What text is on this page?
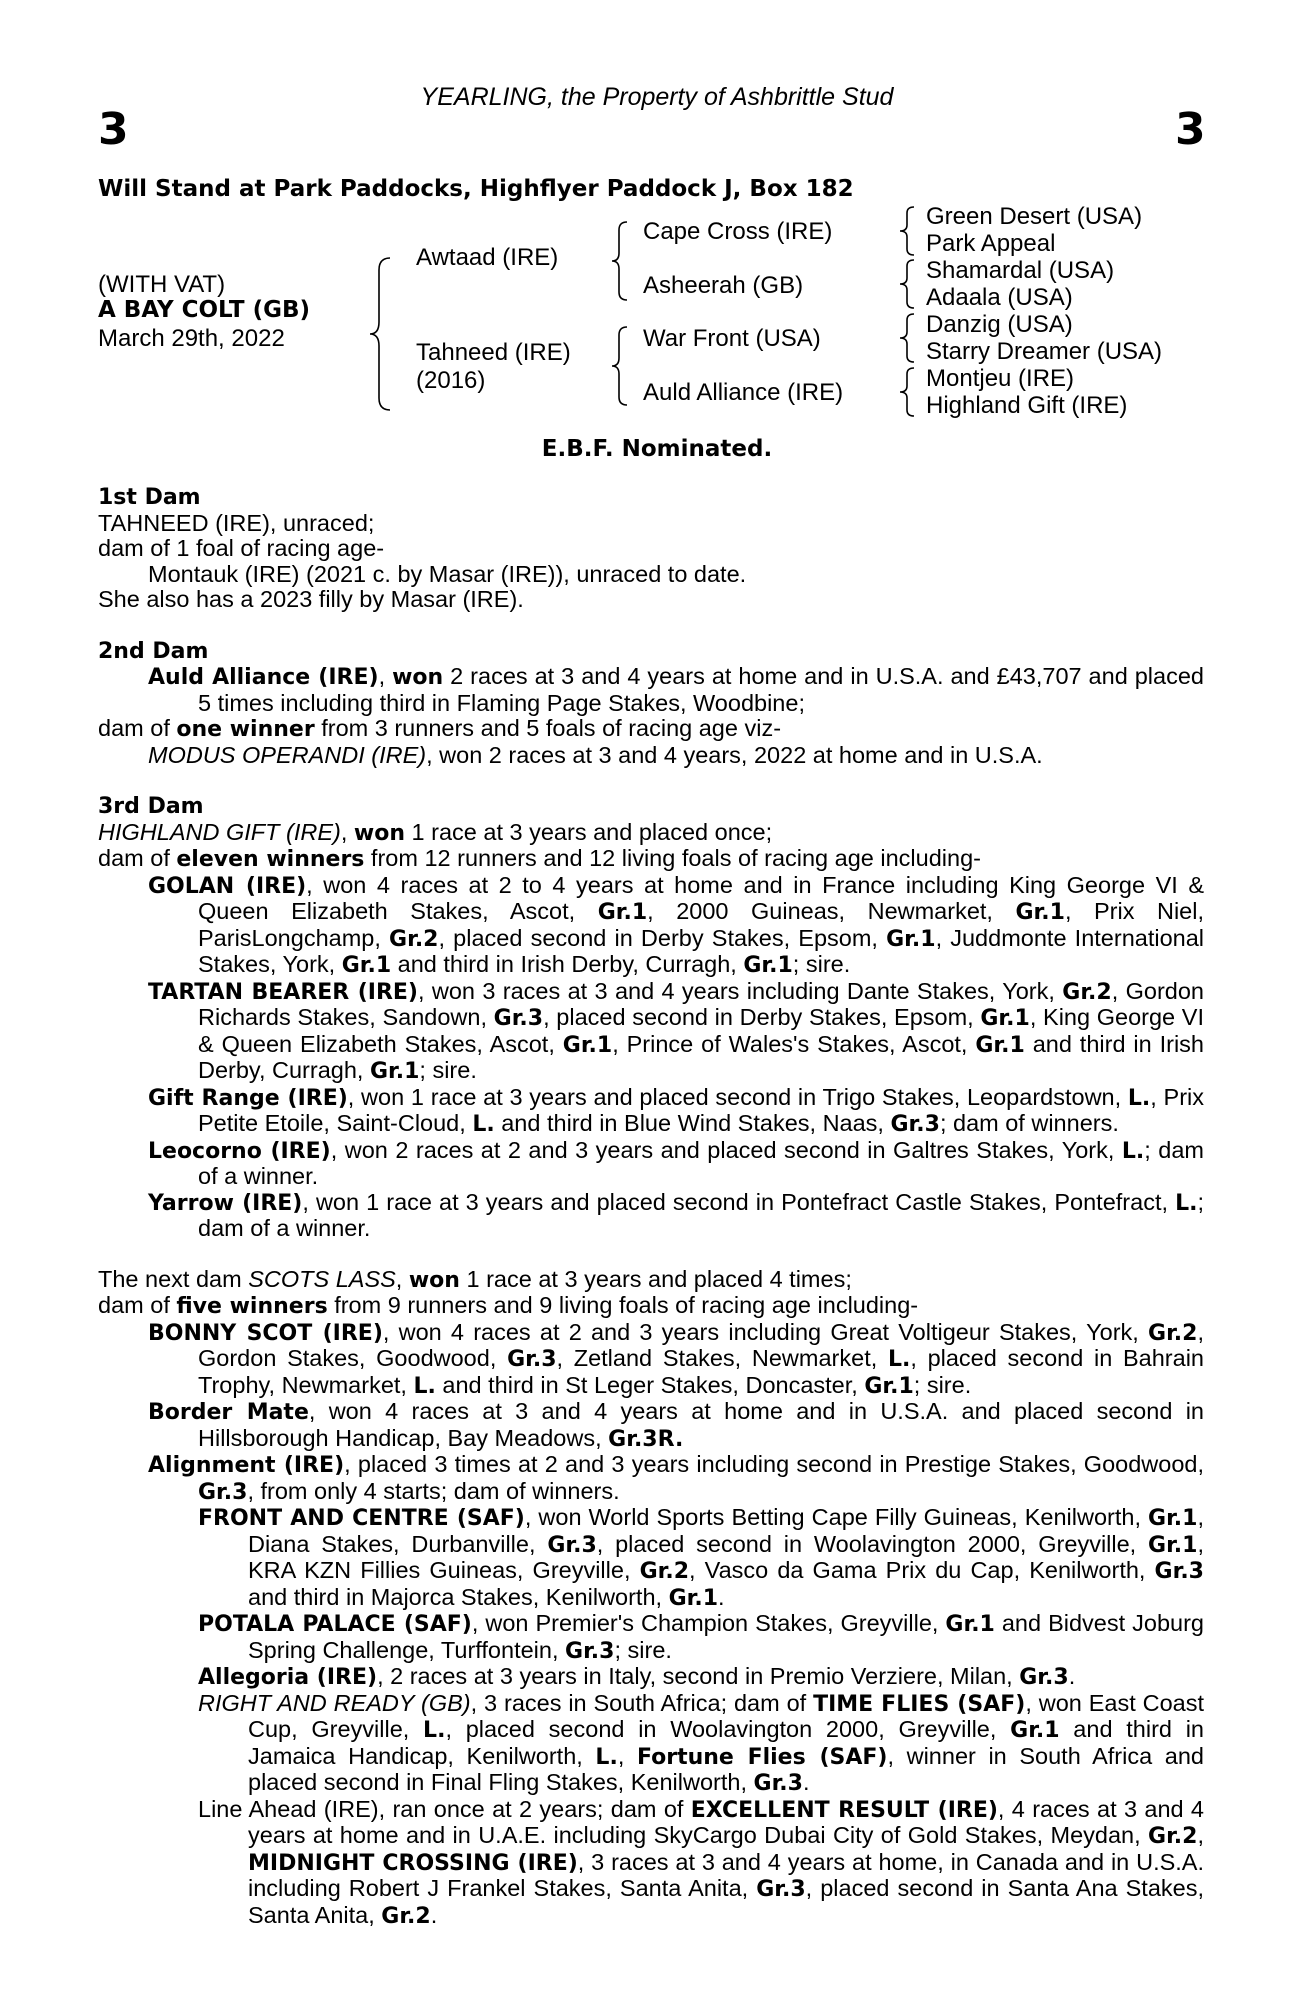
3	3
YEARLING, the Property of Ashbrittle Stud
Will Stand at Park Paddocks, Highflyer Paddock J, Box 182
(WITH VAT)
A BAY COLT (GB)
March 29th, 2022
Awtaad (IRE)
Tahneed (IRE)
(2016)
Cape Cross (IRE)
Asheerah (GB)
War Front (USA)
Auld Alliance (IRE)
Green Desert (USA)
Park Appeal
Shamardal (USA)
Adaala (USA)
Danzig (USA)
Starry Dreamer (USA)
Montjeu (IRE)
Highland Gift (IRE)
E.B.F. Nominated.

1st Dam

TAHNEED (IRE), unraced;

dam of 1 foal of racing age-

Montauk (IRE) (2021 c. by Masar (IRE)), unraced to date.

She also has a 2023 filly by Masar (IRE).

2nd Dam

Auld Alliance (IRE), won 2 races at 3 and 4 years at home and in U.S.A. and £43,707 and placed 5 times including third in Flaming Page Stakes, Woodbine;

dam of one winner from 3 runners and 5 foals of racing age viz-

MODUS OPERANDI (IRE), won 2 races at 3 and 4 years, 2022 at home and in U.S.A.

3rd Dam

HIGHLAND GIFT (IRE), won 1 race at 3 years and placed once;

dam of eleven winners from 12 runners and 12 living foals of racing age including-

GOLAN (IRE), won 4 races at 2 to 4 years at home and in France including King George VI & Queen Elizabeth Stakes, Ascot, Gr.1, 2000 Guineas, Newmarket, Gr.1, Prix Niel, ParisLongchamp, Gr.2, placed second in Derby Stakes, Epsom, Gr.1, Juddmonte International Stakes, York, Gr.1 and third in Irish Derby, Curragh, Gr.1; sire.

TARTAN BEARER (IRE), won 3 races at 3 and 4 years including Dante Stakes, York, Gr.2, Gordon Richards Stakes, Sandown, Gr.3, placed second in Derby Stakes, Epsom, Gr.1, King George VI & Queen Elizabeth Stakes, Ascot, Gr.1, Prince of Wales's Stakes, Ascot, Gr.1 and third in Irish Derby, Curragh, Gr.1; sire.

Gift Range (IRE), won 1 race at 3 years and placed second in Trigo Stakes, Leopardstown, L., Prix Petite Etoile, Saint-Cloud, L. and third in Blue Wind Stakes, Naas, Gr.3; dam of winners.

Leocorno (IRE), won 2 races at 2 and 3 years and placed second in Galtres Stakes, York, L.; dam of a winner.

Yarrow (IRE), won 1 race at 3 years and placed second in Pontefract Castle Stakes, Pontefract, L.; dam of a winner.

The next dam SCOTS LASS, won 1 race at 3 years and placed 4 times;

dam of five winners from 9 runners and 9 living foals of racing age including-

BONNY SCOT (IRE), won 4 races at 2 and 3 years including Great Voltigeur Stakes, York, Gr.2, Gordon Stakes, Goodwood, Gr.3, Zetland Stakes, Newmarket, L., placed second in Bahrain Trophy, Newmarket, L. and third in St Leger Stakes, Doncaster, Gr.1; sire.

Border Mate, won 4 races at 3 and 4 years at home and in U.S.A. and placed second in Hillsborough Handicap, Bay Meadows, Gr.3R.

Alignment (IRE), placed 3 times at 2 and 3 years including second in Prestige Stakes, Goodwood, Gr.3, from only 4 starts; dam of winners.

FRONT AND CENTRE (SAF), won World Sports Betting Cape Filly Guineas, Kenilworth, Gr.1, Diana Stakes, Durbanville, Gr.3, placed second in Woolavington 2000, Greyville, Gr.1, KRA KZN Fillies Guineas, Greyville, Gr.2, Vasco da Gama Prix du Cap, Kenilworth, Gr.3 and third in Majorca Stakes, Kenilworth, Gr.1.

POTALA PALACE (SAF), won Premier's Champion Stakes, Greyville, Gr.1 and Bidvest Joburg Spring Challenge, Turffontein, Gr.3; sire.

Allegoria (IRE), 2 races at 3 years in Italy, second in Premio Verziere, Milan, Gr.3.

RIGHT AND READY (GB), 3 races in South Africa; dam of TIME FLIES (SAF), won East Coast Cup, Greyville, L., placed second in Woolavington 2000, Greyville, Gr.1 and third in Jamaica Handicap, Kenilworth, L., Fortune Flies (SAF), winner in South Africa and placed second in Final Fling Stakes, Kenilworth, Gr.3.

Line Ahead (IRE), ran once at 2 years; dam of EXCELLENT RESULT (IRE), 4 races at 3 and 4 years at home and in U.A.E. including SkyCargo Dubai City of Gold Stakes, Meydan, Gr.2, MIDNIGHT CROSSING (IRE), 3 races at 3 and 4 years at home, in Canada and in U.S.A. including Robert J Frankel Stakes, Santa Anita, Gr.3, placed second in Santa Ana Stakes, Santa Anita, Gr.2.
